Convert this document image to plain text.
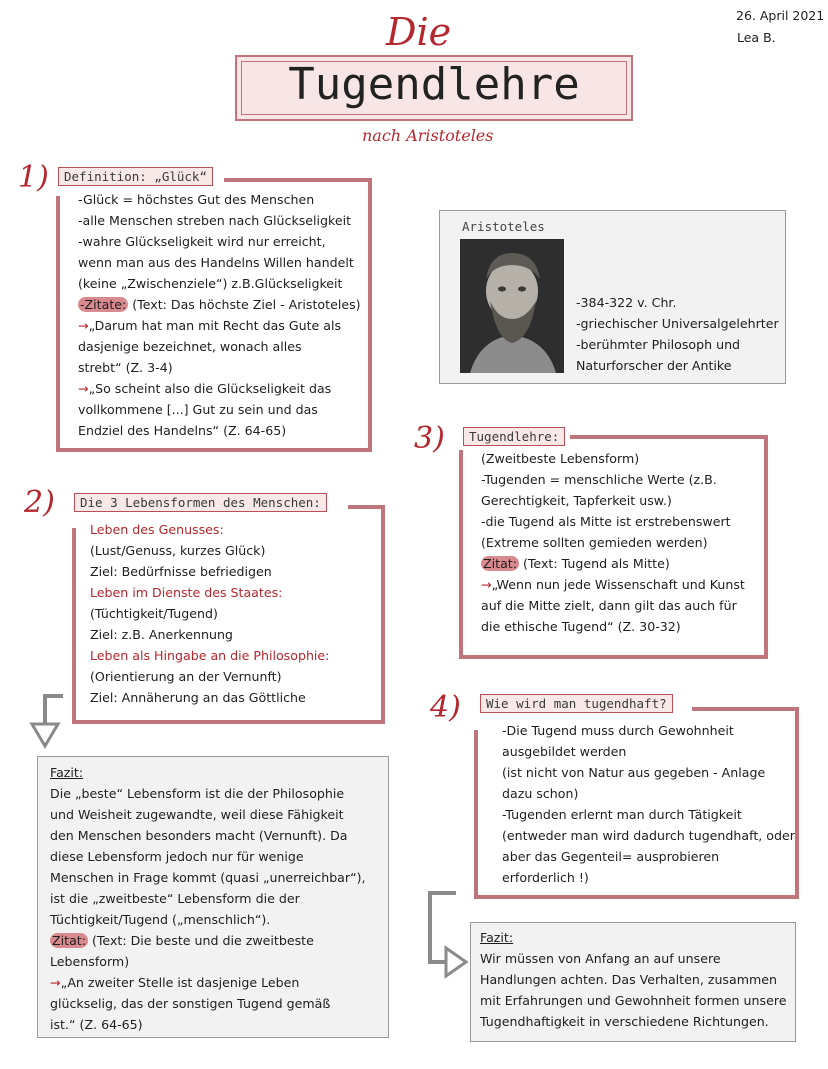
26. April 2021
Lea B.
Die
Tugendlehre
nach Aristoteles
1)	Definition: „Glück“
-Glück = höchstes Gut des Menschen
-alle Menschen streben nach Glückseligkeit
-wahre Glückseligkeit wird nur erreicht,
wenn man aus des Handelns Willen handelt
(keine „Zwischenziele“) z.B.Glückseligkeit
-Zitate: (Text: Das höchste Ziel - Aristoteles)
→„Darum hat man mit Recht das Gute als
dasjenige bezeichnet, wonach alles
strebt“ (Z. 3-4)
→„So scheint also die Glückseligkeit das
vollkommene [...] Gut zu sein und das
Endziel des Handelns“ (Z. 64-65)
Aristoteles
-384-322 v. Chr.
-griechischer Universalgelehrter
-berühmter Philosoph und
Naturforscher der Antike
2)	Die 3 Lebensformen des Menschen:
Leben des Genusses:
(Lust/Genuss, kurzes Glück)
Ziel: Bedürfnisse befriedigen
Leben im Dienste des Staates:
(Tüchtigkeit/Tugend)
Ziel: z.B. Anerkennung
Leben als Hingabe an die Philosophie:
(Orientierung an der Vernunft)
Ziel: Annäherung an das Göttliche
3)	Tugendlehre:
(Zweitbeste Lebensform)
-Tugenden = menschliche Werte (z.B.
Gerechtigkeit, Tapferkeit usw.)
-die Tugend als Mitte ist erstrebenswert
(Extreme sollten gemieden werden)
Zitat: (Text: Tugend als Mitte)
→„Wenn nun jede Wissenschaft und Kunst
auf die Mitte zielt, dann gilt das auch für
die ethische Tugend“ (Z. 30-32)
Fazit:
Die „beste“ Lebensform ist die der Philosophie
und Weisheit zugewandte, weil diese Fähigkeit
den Menschen besonders macht (Vernunft). Da
diese Lebensform jedoch nur für wenige
Menschen in Frage kommt (quasi „unerreichbar“),
ist die „zweitbeste“ Lebensform die der
Tüchtigkeit/Tugend („menschlich“).
Zitat: (Text: Die beste und die zweitbeste
Lebensform)
→„An zweiter Stelle ist dasjenige Leben
glückselig, das der sonstigen Tugend gemäß
ist.“ (Z. 64-65)
4)	Wie wird man tugendhaft?
-Die Tugend muss durch Gewohnheit
ausgebildet werden
(ist nicht von Natur aus gegeben - Anlage
dazu schon)
-Tugenden erlernt man durch Tätigkeit
(entweder man wird dadurch tugendhaft, oder
aber das Gegenteil= ausprobieren
erforderlich !)
Fazit:
Wir müssen von Anfang an auf unsere
Handlungen achten. Das Verhalten, zusammen
mit Erfahrungen und Gewohnheit formen unsere
Tugendhaftigkeit in verschiedene Richtungen.
